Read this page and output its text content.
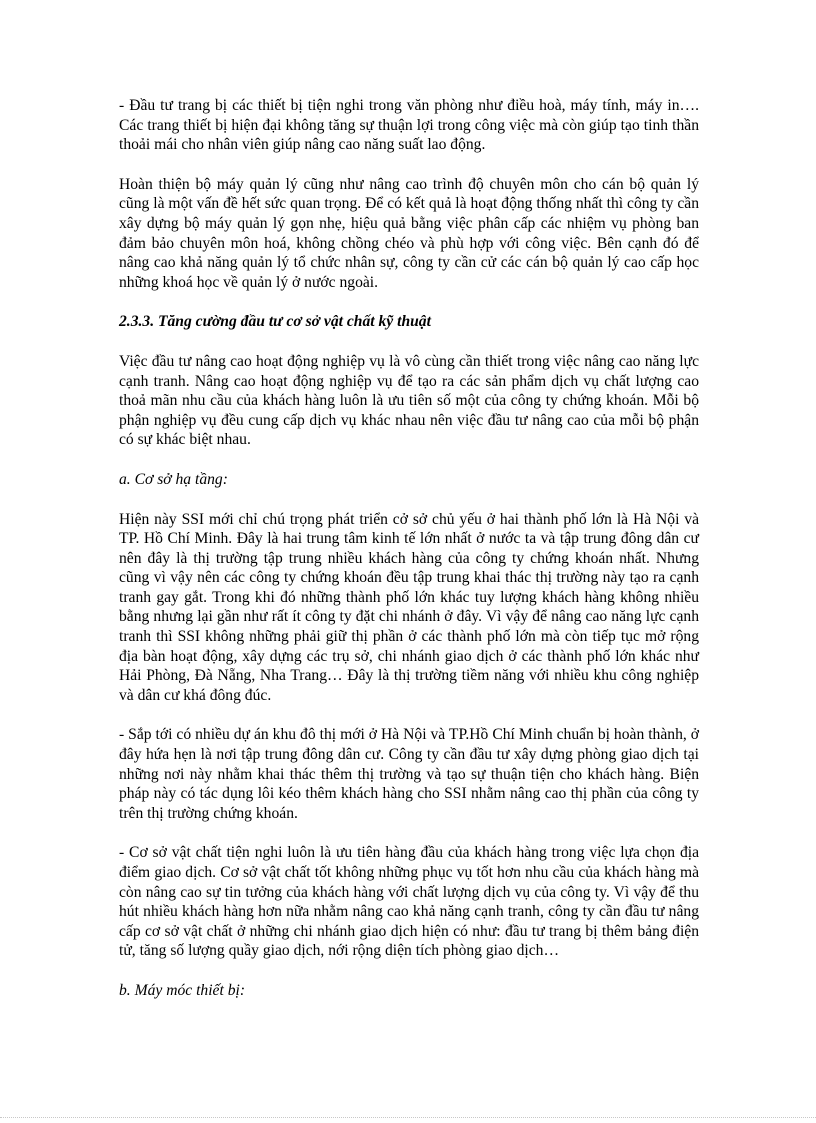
- Đầu tư trang bị các thiết bị tiện nghi trong văn phòng như điều hoà, máy tính, máy in…. Các trang thiết bị hiện đại không tăng sự thuận lợi trong công việc mà còn giúp tạo tinh thần thoải mái cho nhân viên giúp nâng cao năng suất lao động.

Hoàn thiện bộ máy quản lý cũng như nâng cao trình độ chuyên môn cho cán bộ quản lý cũng là một vấn đề hết sức quan trọng. Để có kết quả là hoạt động thống nhất thì công ty cần xây dựng bộ máy quản lý gọn nhẹ, hiệu quả bằng việc phân cấp các nhiệm vụ phòng ban đảm bảo chuyên môn hoá, không chồng chéo và phù hợp với công việc. Bên cạnh đó để nâng cao khả năng quản lý tổ chức nhân sự, công ty cần cử các cán bộ quản lý cao cấp học những khoá học về quản lý ở nước ngoài.

2.3.3. Tăng cường đầu tư cơ sở vật chất kỹ thuật

Việc đầu tư nâng cao hoạt động nghiệp vụ là vô cùng cần thiết trong việc nâng cao năng lực cạnh tranh. Nâng cao hoạt động nghiệp vụ để tạo ra các sản phẩm dịch vụ chất lượng cao thoả mãn nhu cầu của khách hàng luôn là ưu tiên số một của công ty chứng khoán. Mỗi bộ phận nghiệp vụ đều cung cấp dịch vụ khác nhau nên việc đầu tư nâng cao của mỗi bộ phận có sự khác biệt nhau.

a. Cơ sở hạ tầng:

Hiện này SSI mới chỉ chú trọng phát triển cở sở chủ yếu ở hai thành phố lớn là Hà Nội và TP. Hồ Chí Minh. Đây là hai trung tâm kinh tế lớn nhất ở nước ta và tập trung đông dân cư nên đây là thị trường tập trung nhiều khách hàng của công ty chứng khoán nhất. Nhưng cũng vì vậy nên các công ty chứng khoán đều tập trung khai thác thị trường này tạo ra cạnh tranh gay gắt. Trong khi đó những thành phố lớn khác tuy lượng khách hàng không nhiều bằng nhưng lại gần như rất ít công ty đặt chi nhánh ở đây. Vì vậy để nâng cao năng lực cạnh tranh thì SSI không những phải giữ thị phần ở các thành phố lớn mà còn tiếp tục mở rộng địa bàn hoạt động, xây dựng các trụ sở, chi nhánh giao dịch ở các thành phố lớn khác như Hải Phòng, Đà Nẵng, Nha Trang… Đây là thị trường tiềm năng với nhiều khu công nghiệp và dân cư khá đông đúc.

- Sắp tới có nhiều dự án khu đô thị mới ở Hà Nội và TP.Hồ Chí Minh chuẩn bị hoàn thành, ở đây hứa hẹn là nơi tập trung đông dân cư. Công ty cần đầu tư xây dựng phòng giao dịch tại những nơi này nhằm khai thác thêm thị trường và tạo sự thuận tiện cho khách hàng. Biện pháp này có tác dụng lôi kéo thêm khách hàng cho SSI nhằm nâng cao thị phần của công ty trên thị trường chứng khoán.

- Cơ sở vật chất tiện nghi luôn là ưu tiên hàng đầu của khách hàng trong việc lựa chọn địa điểm giao dịch. Cơ sở vật chất tốt không những phục vụ tốt hơn nhu cầu của khách hàng mà còn nâng cao sự tin tưởng của khách hàng với chất lượng dịch vụ của công ty. Vì vậy để thu hút nhiều khách hàng hơn nữa nhằm nâng cao khả năng cạnh tranh, công ty cần đầu tư nâng cấp cơ sở vật chất ở những chi nhánh giao dịch hiện có như: đầu tư trang bị thêm bảng điện tử, tăng số lượng quầy giao dịch, nới rộng diện tích phòng giao dịch…

b. Máy móc thiết bị:
